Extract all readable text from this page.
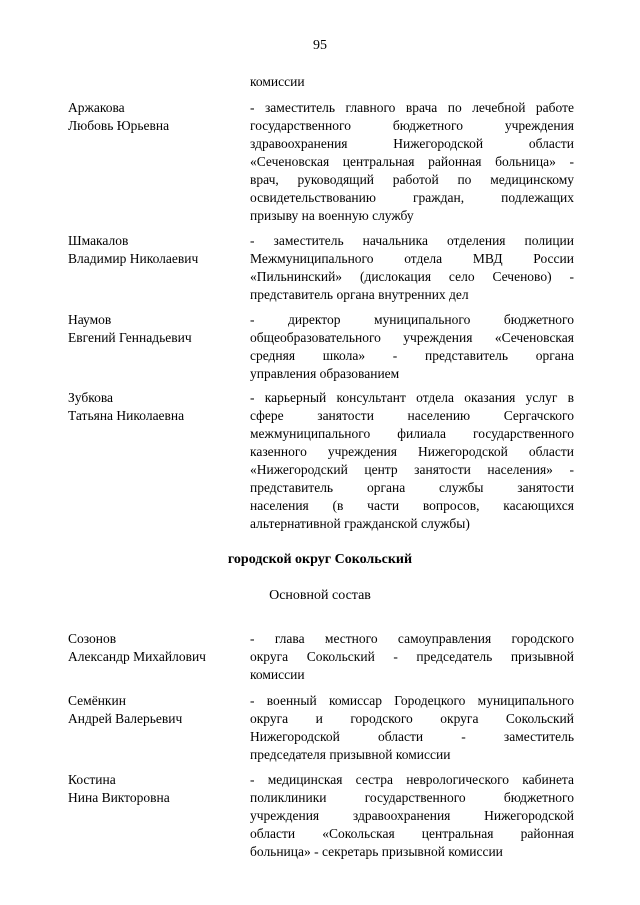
95
комиссии
Аржакова
Любовь Юрьевна
- заместитель главного врача по лечебной работе
государственного бюджетного учреждения
здравоохранения Нижегородской области
«Сеченовская центральная районная больница» -
врач, руководящий работой по медицинскому
освидетельствованию граждан, подлежащих
призыву на военную службу
Шмакалов
Владимир Николаевич
- заместитель начальника отделения полиции
Межмуниципального отдела МВД России
«Пильнинский» (дислокация село Сеченово) -
представитель органа внутренних дел
Наумов
Евгений Геннадьевич
- директор муниципального бюджетного
общеобразовательного учреждения «Сеченовская
средняя школа» - представитель органа
управления образованием
Зубкова
Татьяна Николаевна
- карьерный консультант отдела оказания услуг в
сфере занятости населению Сергачского
межмуниципального филиала государственного
казенного учреждения Нижегородской области
«Нижегородский центр занятости населения» -
представитель органа службы занятости
населения (в части вопросов, касающихся
альтернативной гражданской службы)
городской округ Сокольский
Основной состав
Созонов
Александр Михайлович
- глава местного самоуправления городского
округа Сокольский - председатель призывной
комиссии
Семёнкин
Андрей Валерьевич
- военный комиссар Городецкого муниципального
округа и городского округа Сокольский
Нижегородской области - заместитель
председателя призывной комиссии
Костина
Нина Викторовна
- медицинская сестра неврологического кабинета
поликлиники государственного бюджетного
учреждения здравоохранения Нижегородской
области «Сокольская центральная районная
больница» - секретарь призывной комиссии
